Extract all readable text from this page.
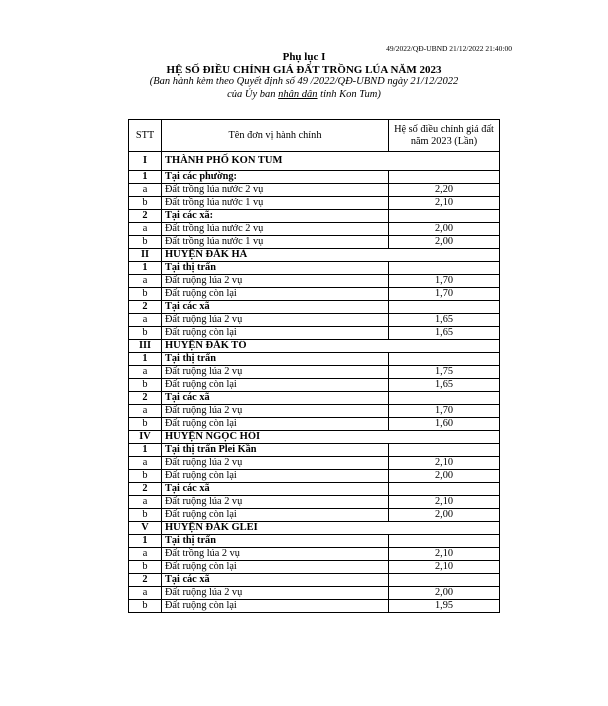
49/2022/QĐ-UBND 21/12/2022 21:40:00
Phụ lục I
HỆ SỐ ĐIỀU CHỈNH GIÁ ĐẤT TRỒNG LÚA NĂM 2023
(Ban hành kèm theo Quyết định số 49 /2022/QĐ-UBND ngày 21/12/2022
của Ủy ban nhân dân tỉnh Kon Tum)
STT	Tên đơn vị hành chính	Hệ số điều chỉnh giá đất năm 2023 (Lần)
I	THÀNH PHỐ KON TUM	
1	Tại các phường:	
a	Đất trồng lúa nước 2 vụ	2,20
b	Đất trồng lúa nước 1 vụ	2,10
2	Tại các xã:	
a	Đất trồng lúa nước 2 vụ	2,00
b	Đất trồng lúa nước 1 vụ	2,00
II	HUYỆN ĐĂK HÀ	
1	Tại thị trấn	
a	Đất ruộng lúa 2 vụ	1,70
b	Đất ruộng còn lại	1,70
2	Tại các xã	
a	Đất ruộng lúa 2 vụ	1,65
b	Đất ruộng còn lại	1,65
III	HUYỆN ĐĂK TÔ	
1	Tại thị trấn	
a	Đất ruộng lúa 2 vụ	1,75
b	Đất ruộng còn lại	1,65
2	Tại các xã	
a	Đất ruộng lúa 2 vụ	1,70
b	Đất ruộng còn lại	1,60
IV	HUYỆN NGỌC HỒI	
1	Tại thị trấn Plei Kần	
a	Đất ruộng lúa 2 vụ	2,10
b	Đất ruộng còn lại	2,00
2	Tại các xã	
a	Đất ruộng lúa 2 vụ	2,10
b	Đất ruộng còn lại	2,00
V	HUYỆN ĐĂK GLEI	
1	Tại thị trấn	
a	Đất trồng lúa 2 vụ	2,10
b	Đất ruộng còn lại	2,10
2	Tại các xã	
a	Đất ruộng lúa 2 vụ	2,00
b	Đất ruộng còn lại	1,95
